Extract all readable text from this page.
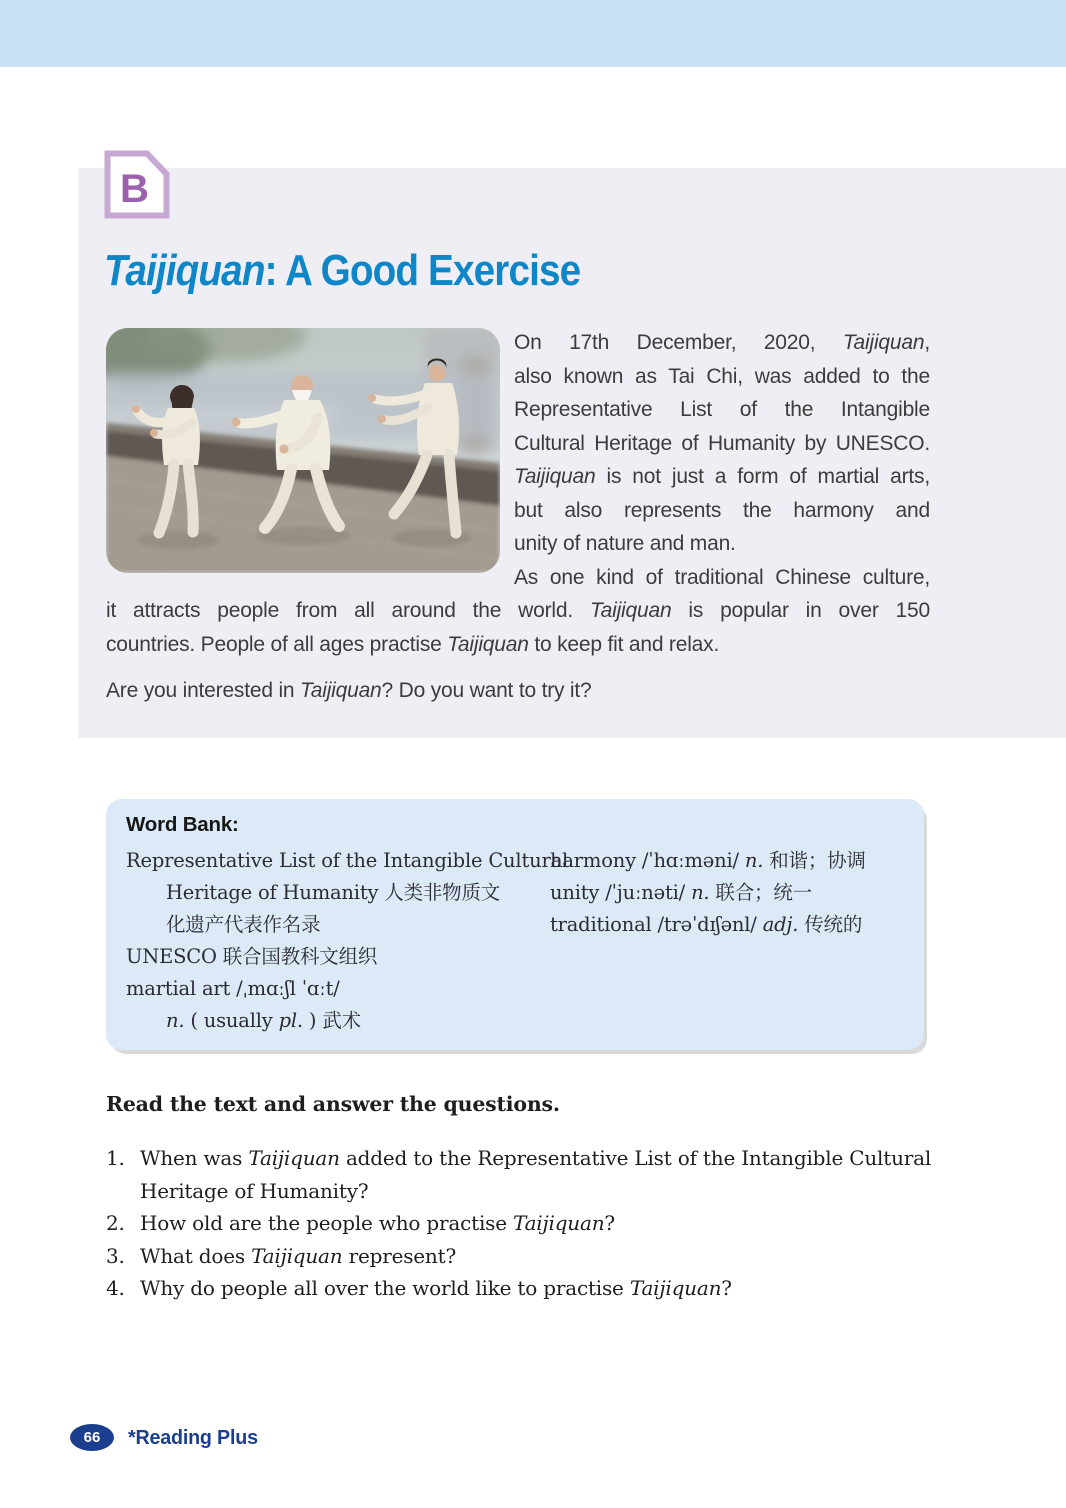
B
Taijiquan: A Good Exercise
On 17th December, 2020, Taijiquan,
also known as Tai Chi, was added to the
Representative List of the Intangible
Cultural Heritage of Humanity by UNESCO.
Taijiquan is not just a form of martial arts,
but also represents the harmony and
unity of nature and man.
As one kind of traditional Chinese culture,
it attracts people from all around the world. Taijiquan is popular in over 150
countries. People of all ages practise Taijiquan to keep fit and relax.
Are you interested in Taijiquan? Do you want to try it?
Word Bank:
Representative List of the Intangible Cultural
Heritage of Humanity 人类非物质文
化遗产代表作名录
UNESCO 联合国教科文组织
martial art /ˌmɑːʃl ˈɑːt/
n. ( usually pl. ) 武术
harmony /ˈhɑːməni/ n. 和谐；协调
unity /ˈjuːnəti/ n. 联合；统一
traditional /trəˈdɪʃənl/ adj. 传统的
Read the text and answer the questions.
1. When was Taijiquan added to the Representative List of the Intangible Cultural Heritage of Humanity?
2. How old are the people who practise Taijiquan?
3. What does Taijiquan represent?
4. Why do people all over the world like to practise Taijiquan?
66 *Reading Plus
